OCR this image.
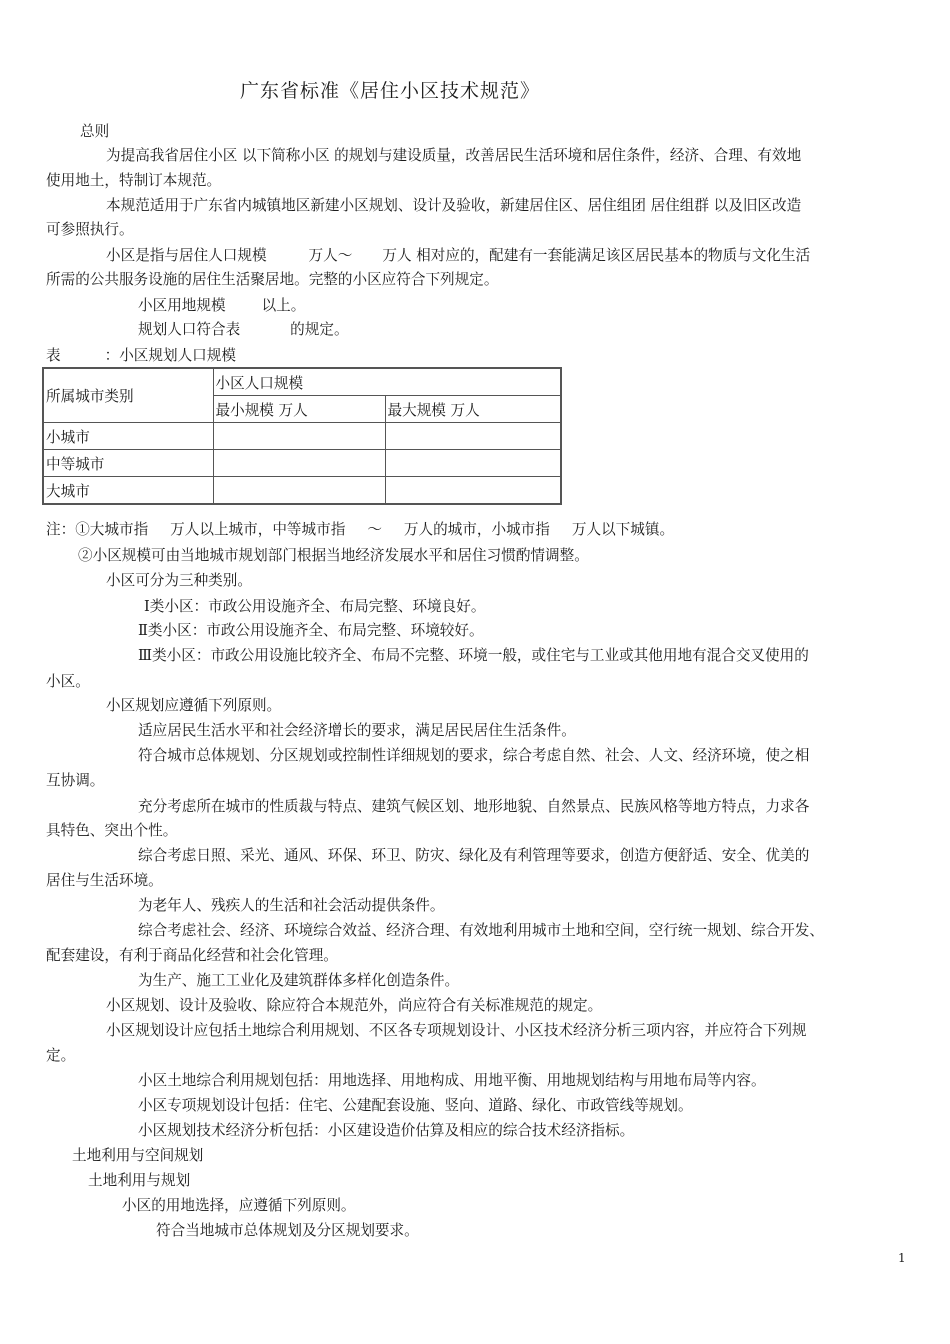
广东省标准《居住小区技术规范》
总则
为提高我省居住小区 以下简称小区 的规划与建设质量，改善居民生活环境和居住条件，经济、合理、有效地
使用地土，特制订本规范。
本规范适用于广东省内城镇地区新建小区规划、设计及验收，新建居住区、居住组团 居住组群 以及旧区改造
可参照执行。
小区是指与居住人口规模	万人～ 万人 相对应的，配建有一套能满足该区居民基本的物质与文化生活
所需的公共服务设施的居住生活聚居地。完整的小区应符合下列规定。
小区用地规模 以上。
规划人口符合表	的规定。
表	：小区规划人口规模
所属城市类别	小区人口规模	
	最小规模 万人	最大规模 万人
小城市		
中等城市		
大城市		
注：①大城市指 万人以上城市，中等城市指 ～ 万人的城市，小城市指 万人以下城镇。
②小区规模可由当地城市规划部门根据当地经济发展水平和居住习惯酌情调整。
小区可分为三种类别。
Ⅰ类小区：市政公用设施齐全、布局完整、环境良好。
Ⅱ类小区：市政公用设施齐全、布局完整、环境较好。
Ⅲ类小区：市政公用设施比较齐全、布局不完整、环境一般，或住宅与工业或其他用地有混合交叉使用的
小区。
小区规划应遵循下列原则。
适应居民生活水平和社会经济增长的要求，满足居民居住生活条件。
符合城市总体规划、分区规划或控制性详细规划的要求，综合考虑自然、社会、人文、经济环境，使之相
互协调。
充分考虑所在城市的性质裁与特点、建筑气候区划、地形地貌、自然景点、民族风格等地方特点，力求各
具特色、突出个性。
综合考虑日照、采光、通风、环保、环卫、防灾、绿化及有利管理等要求，创造方便舒适、安全、优美的
居住与生活环境。
为老年人、残疾人的生活和社会活动提供条件。
综合考虑社会、经济、环境综合效益、经济合理、有效地利用城市土地和空间，空行统一规划、综合开发、
配套建设，有利于商品化经营和社会化管理。
为生产、施工工业化及建筑群体多样化创造条件。
小区规划、设计及验收、除应符合本规范外，尚应符合有关标准规范的规定。
小区规划设计应包括土地综合利用规划、不区各专项规划设计、小区技术经济分析三项内容，并应符合下列规
定。
小区土地综合利用规划包括：用地选择、用地构成、用地平衡、用地规划结构与用地布局等内容。
小区专项规划设计包括：住宅、公建配套设施、竖向、道路、绿化、市政管线等规划。
小区规划技术经济分析包括：小区建设造价估算及相应的综合技术经济指标。
土地利用与空间规划
土地利用与规划
小区的用地选择，应遵循下列原则。
符合当地城市总体规划及分区规划要求。
1
